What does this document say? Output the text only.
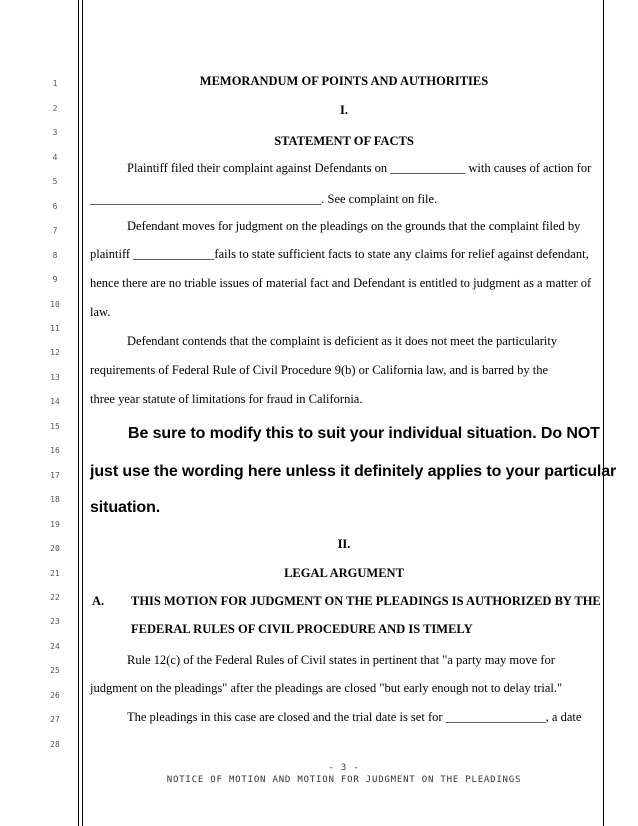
1
2
3
4
5
6
7
8
9
10
11
12
13
14
15
16
17
18
19
20
21
22
23
24
25
26
27
28
MEMORANDUM OF POINTS AND AUTHORITIES
I.
STATEMENT OF FACTS
Plaintiff filed their complaint against Defendants on ____________ with causes of action for
_____________________________________. See complaint on file.
Defendant moves for judgment on the pleadings on the grounds that the complaint filed by
plaintiff _____________fails to state sufficient facts to state any claims for relief against defendant,
hence there are no triable issues of material fact and Defendant is entitled to judgment as a matter of
law.
Defendant contends that the complaint is deficient as it does not meet the particularity
requirements of Federal Rule of Civil Procedure 9(b) or California law, and is barred by the
three year statute of limitations for fraud in California.
Be sure to modify this to suit your individual situation. Do NOT
just use the wording here unless it definitely applies to your particular
situation.
II.
LEGAL ARGUMENT
A. THIS MOTION FOR JUDGMENT ON THE PLEADINGS IS AUTHORIZED BY THE
FEDERAL RULES OF CIVIL PROCEDURE AND IS TIMELY
Rule 12(c) of the Federal Rules of Civil states in pertinent that "a party may move for
judgment on the pleadings" after the pleadings are closed "but early enough not to delay trial."
The pleadings in this case are closed and the trial date is set for ________________, a date
- 3 -
NOTICE OF MOTION AND MOTION FOR JUDGMENT ON THE PLEADINGS
